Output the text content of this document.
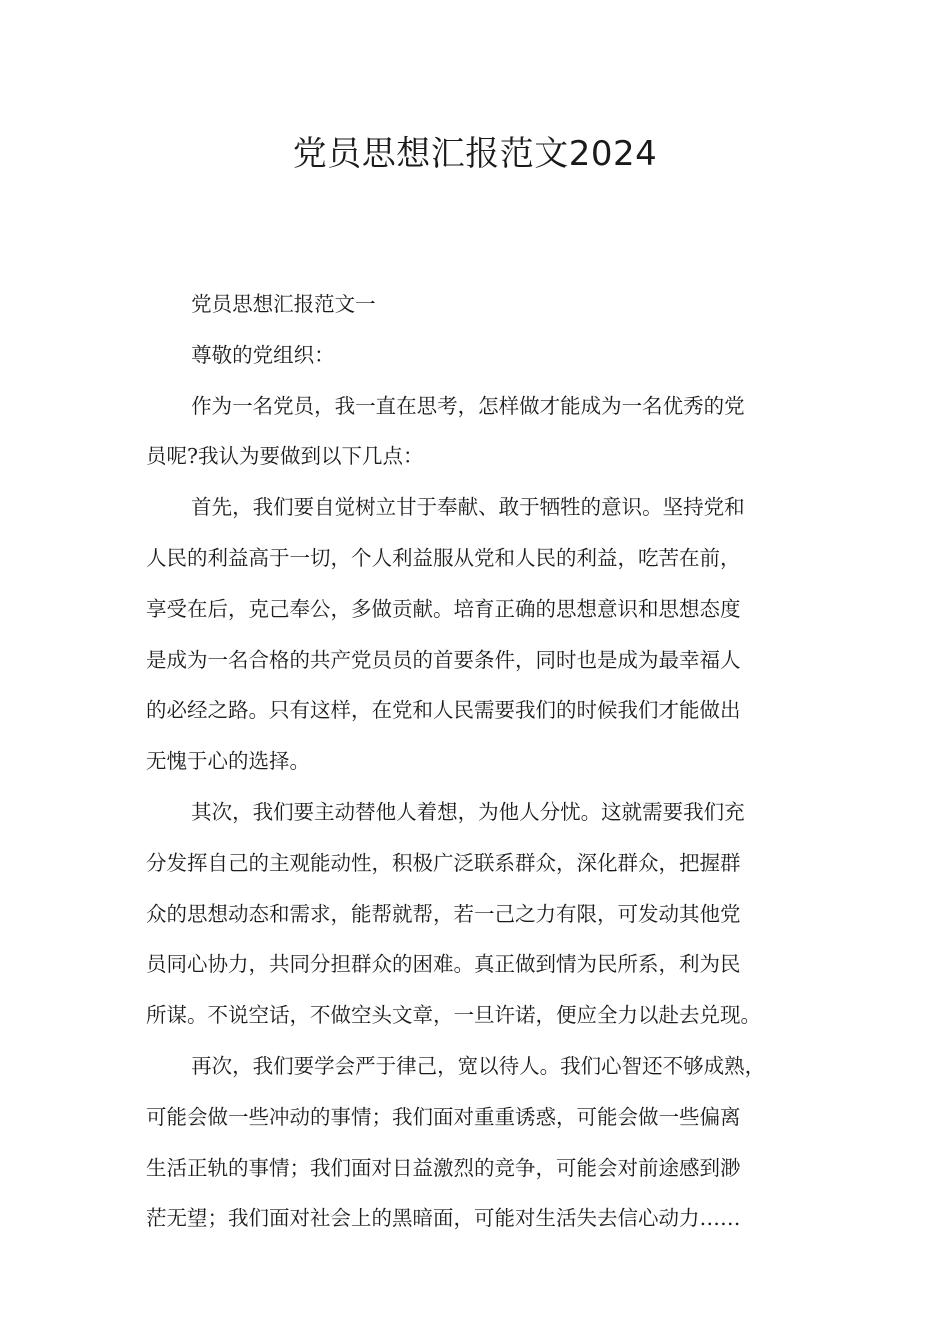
党员思想汇报范文2024

党员思想汇报范文一

尊敬的党组织：

作为一名党员，我一直在思考，怎样做才能成为一名优秀的党
员呢?我认为要做到以下几点：

首先，我们要自觉树立甘于奉献、敢于牺牲的意识。坚持党和
人民的利益高于一切，个人利益服从党和人民的利益，吃苦在前，
享受在后，克己奉公，多做贡献。培育正确的思想意识和思想态度
是成为一名合格的共产党员员的首要条件，同时也是成为最幸福人
的必经之路。只有这样，在党和人民需要我们的时候我们才能做出
无愧于心的选择。

其次，我们要主动替他人着想，为他人分忧。这就需要我们充
分发挥自己的主观能动性，积极广泛联系群众，深化群众，把握群
众的思想动态和需求，能帮就帮，若一己之力有限，可发动其他党
员同心协力，共同分担群众的困难。真正做到情为民所系，利为民
所谋。不说空话，不做空头文章，一旦许诺，便应全力以赴去兑现。

再次，我们要学会严于律己，宽以待人。我们心智还不够成熟，
可能会做一些冲动的事情；我们面对重重诱惑，可能会做一些偏离
生活正轨的事情；我们面对日益激烈的竞争，可能会对前途感到渺
茫无望；我们面对社会上的黑暗面，可能对生活失去信心动力……
